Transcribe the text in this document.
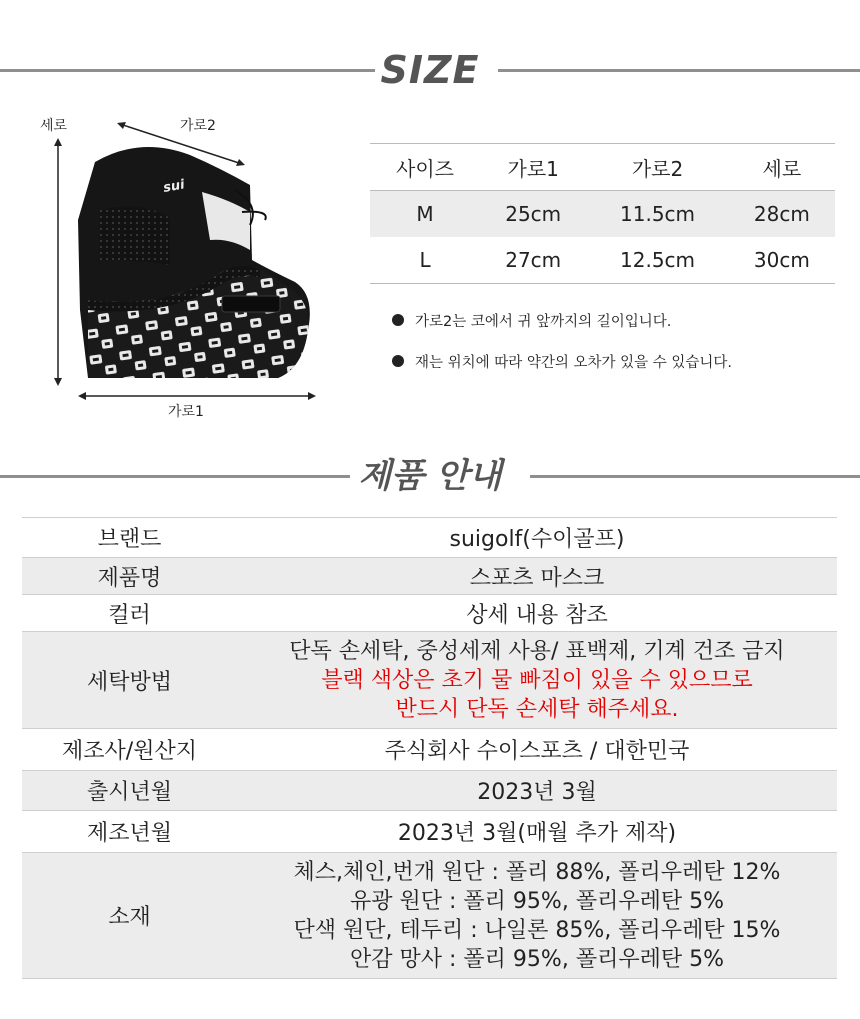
SIZE
세로	가로2
sui
가로1
사이즈	가로1	가로2	세로
M	25cm	11.5cm	28cm
L	27cm	12.5cm	30cm
가로2는 코에서 귀 앞까지의 길이입니다.
재는 위치에 따라 약간의 오차가 있을 수 있습니다.
제품 안내
브랜드	suigolf(수이골프)
제품명	스포츠 마스크
컬러	상세 내용 참조
세탁방법	단독 손세탁, 중성세제 사용/ 표백제, 기계 건조 금지
블랙 색상은 초기 물 빠짐이 있을 수 있으므로
반드시 단독 손세탁 해주세요.

제조사/원산지	주식회사 수이스포츠 / 대한민국
출시년월	2023년 3월
제조년월	2023년 3월(매월 추가 제작)
소재	체스,체인,번개 원단 : 폴리 88%, 폴리우레탄 12%
유광 원단 : 폴리 95%, 폴리우레탄 5%
단색 원단, 테두리 : 나일론 85%, 폴리우레탄 15%
안감 망사 : 폴리 95%, 폴리우레탄 5%
